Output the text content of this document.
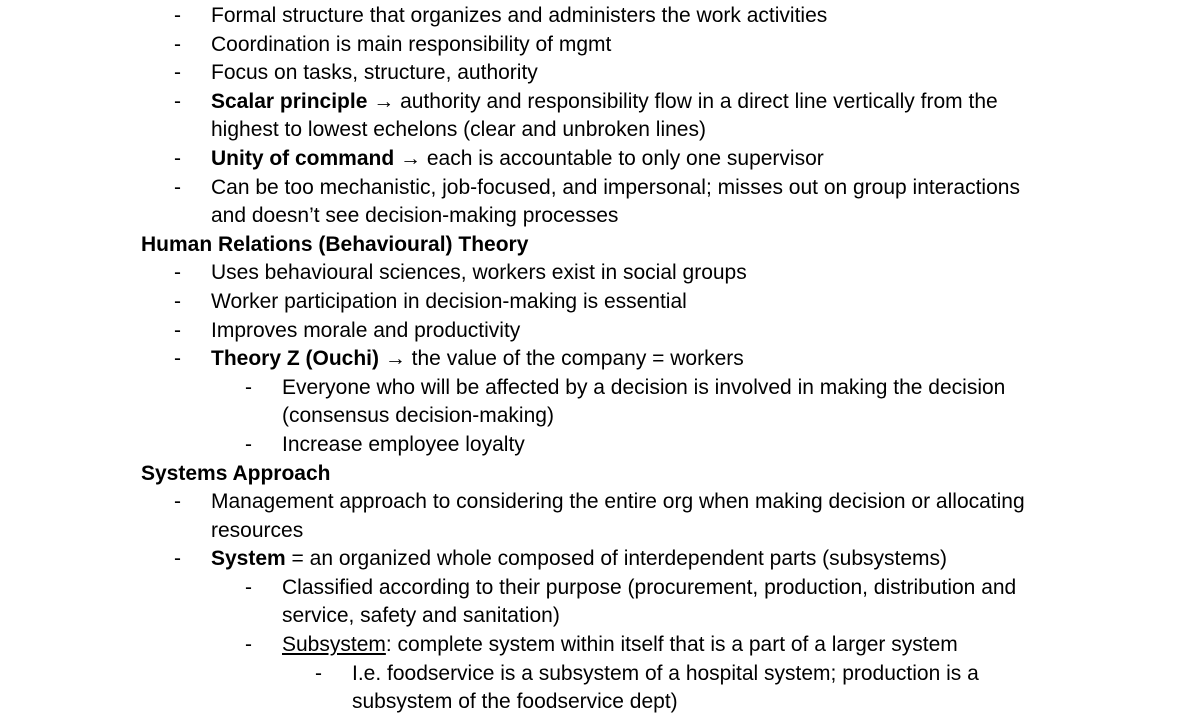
- Formal structure that organizes and administers the work activities
- Coordination is main responsibility of mgmt
- Focus on tasks, structure, authority
- Scalar principle → authority and responsibility flow in a direct line vertically from the highest to lowest echelons (clear and unbroken lines)
- Unity of command → each is accountable to only one supervisor
- Can be too mechanistic, job-focused, and impersonal; misses out on group interactions and doesn’t see decision-making processes
Human Relations (Behavioural) Theory
- Uses behavioural sciences, workers exist in social groups
- Worker participation in decision-making is essential
- Improves morale and productivity
- Theory Z (Ouchi) → the value of the company = workers
- Everyone who will be affected by a decision is involved in making the decision (consensus decision-making)
- Increase employee loyalty
Systems Approach
- Management approach to considering the entire org when making decision or allocating resources
- System = an organized whole composed of interdependent parts (subsystems)
- Classified according to their purpose (procurement, production, distribution and service, safety and sanitation)
- Subsystem: complete system within itself that is a part of a larger system
- I.e. foodservice is a subsystem of a hospital system; production is a subsystem of the foodservice dept)
